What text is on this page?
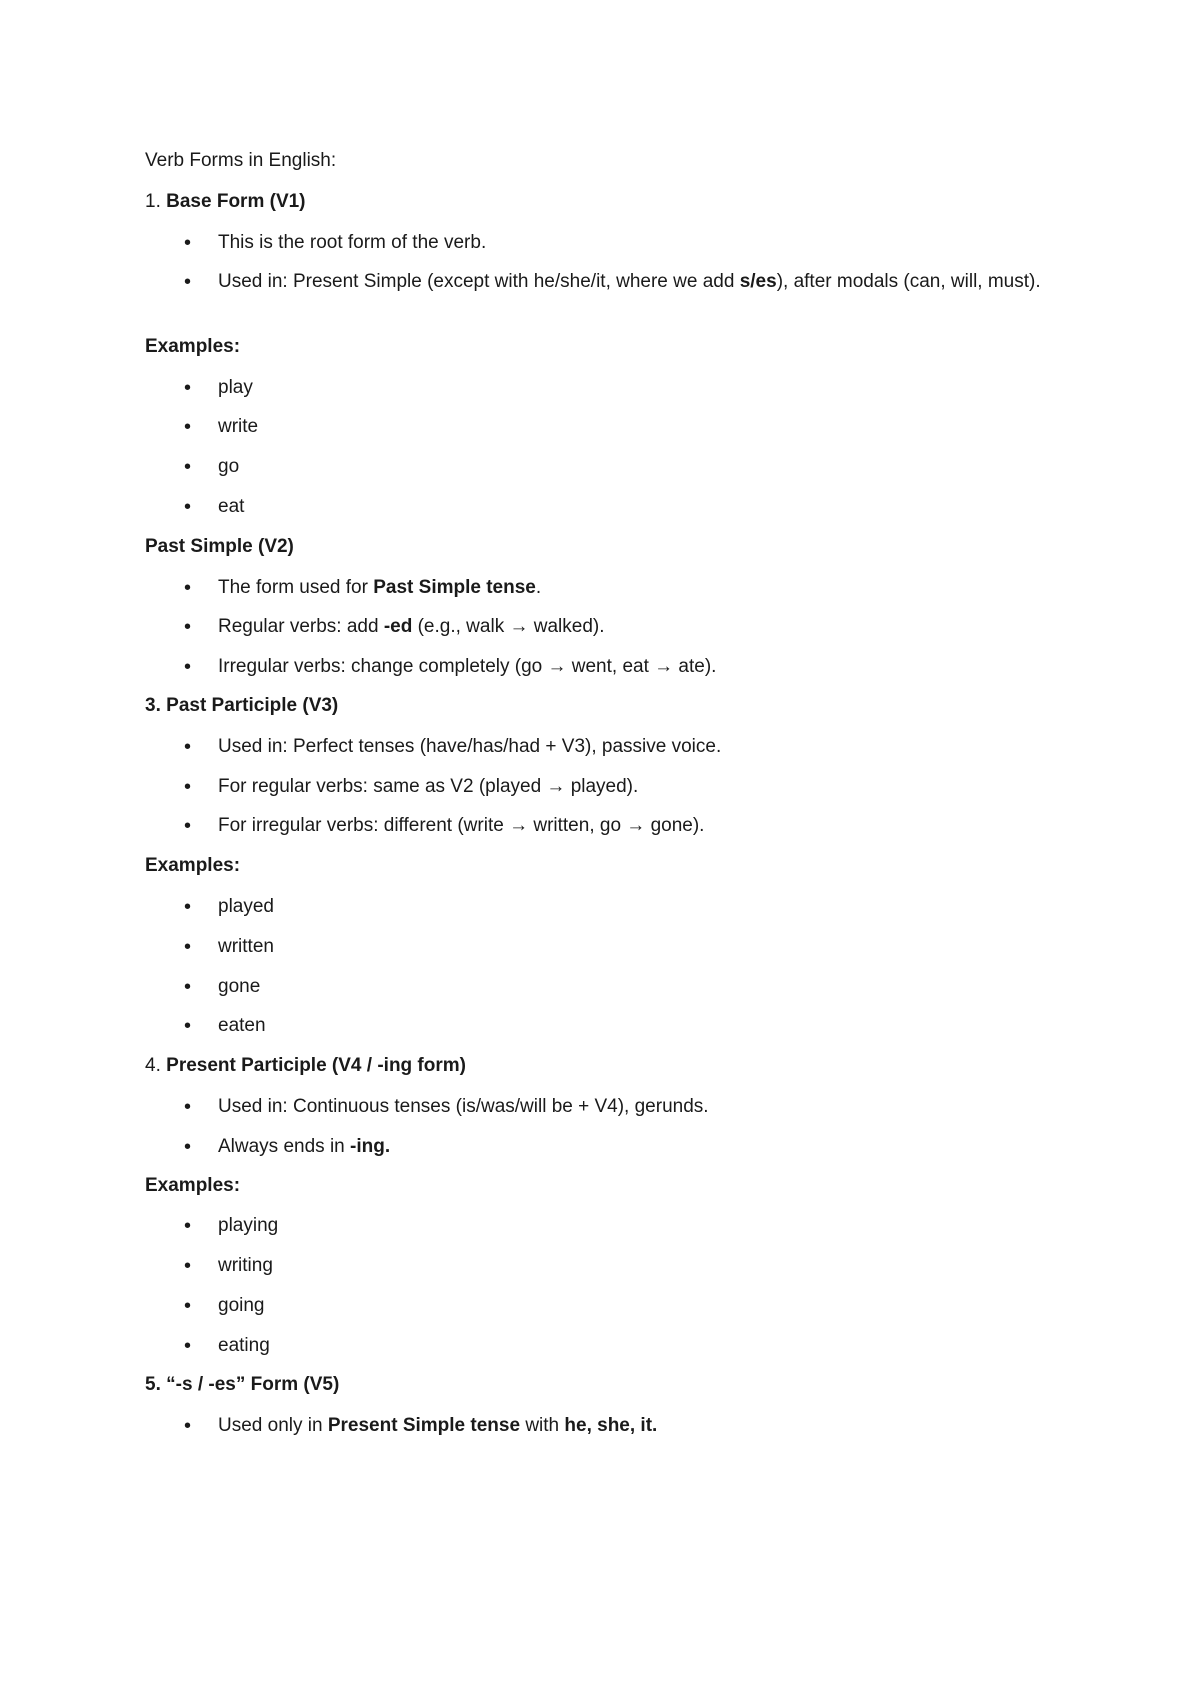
Verb Forms in English:
1. Base Form (V1)
• This is the root form of the verb.
• Used in: Present Simple (except with he/she/it, where we add s/es), after modals (can, will, must).
Examples:
• play
• write
• go
• eat
Past Simple (V2)
• The form used for Past Simple tense.
• Regular verbs: add -ed (e.g., walk → walked).
• Irregular verbs: change completely (go → went, eat → ate).
3. Past Participle (V3)
• Used in: Perfect tenses (have/has/had + V3), passive voice.
• For regular verbs: same as V2 (played → played).
• For irregular verbs: different (write → written, go → gone).
Examples:
• played
• written
• gone
• eaten
4. Present Participle (V4 / -ing form)
• Used in: Continuous tenses (is/was/will be + V4), gerunds.
• Always ends in -ing.
Examples:
• playing
• writing
• going
• eating
5. “-s / -es” Form (V5)
• Used only in Present Simple tense with he, she, it.
